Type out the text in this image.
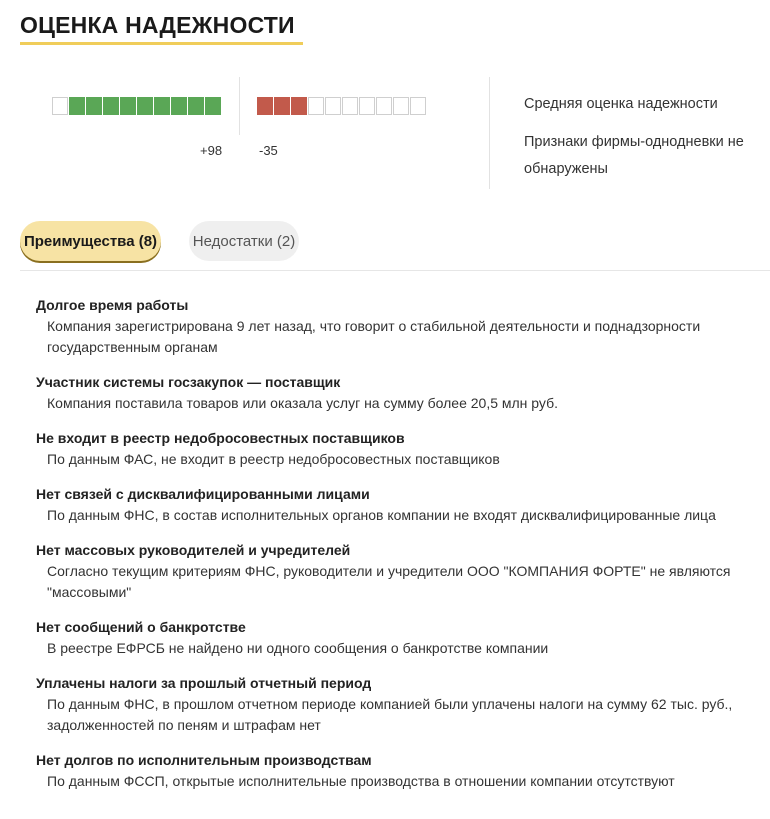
ОЦЕНКА НАДЕЖНОСТИ
+98	-35
Средняя оценка надежности
Признаки фирмы-однодневки не обнаружены
Преимущества (8) Недостатки (2)
Долгое время работы
Компания зарегистрирована 9 лет назад, что говорит о стабильной деятельности и поднадзорности государственным органам
Участник системы госзакупок — поставщик
Компания поставила товаров или оказала услуг на сумму более 20,5 млн руб.
Не входит в реестр недобросовестных поставщиков
По данным ФАС, не входит в реестр недобросовестных поставщиков
Нет связей с дисквалифицированными лицами
По данным ФНС, в состав исполнительных органов компании не входят дисквалифицированные лица
Нет массовых руководителей и учредителей
Согласно текущим критериям ФНС, руководители и учредители ООО "КОМПАНИЯ ФОРТЕ" не являются "массовыми"
Нет сообщений о банкротстве
В реестре ЕФРСБ не найдено ни одного сообщения о банкротстве компании
Уплачены налоги за прошлый отчетный период
По данным ФНС, в прошлом отчетном периоде компанией были уплачены налоги на сумму 62 тыс. руб., задолженностей по пеням и штрафам нет
Нет долгов по исполнительным производствам
По данным ФССП, открытые исполнительные производства в отношении компании отсутствуют
